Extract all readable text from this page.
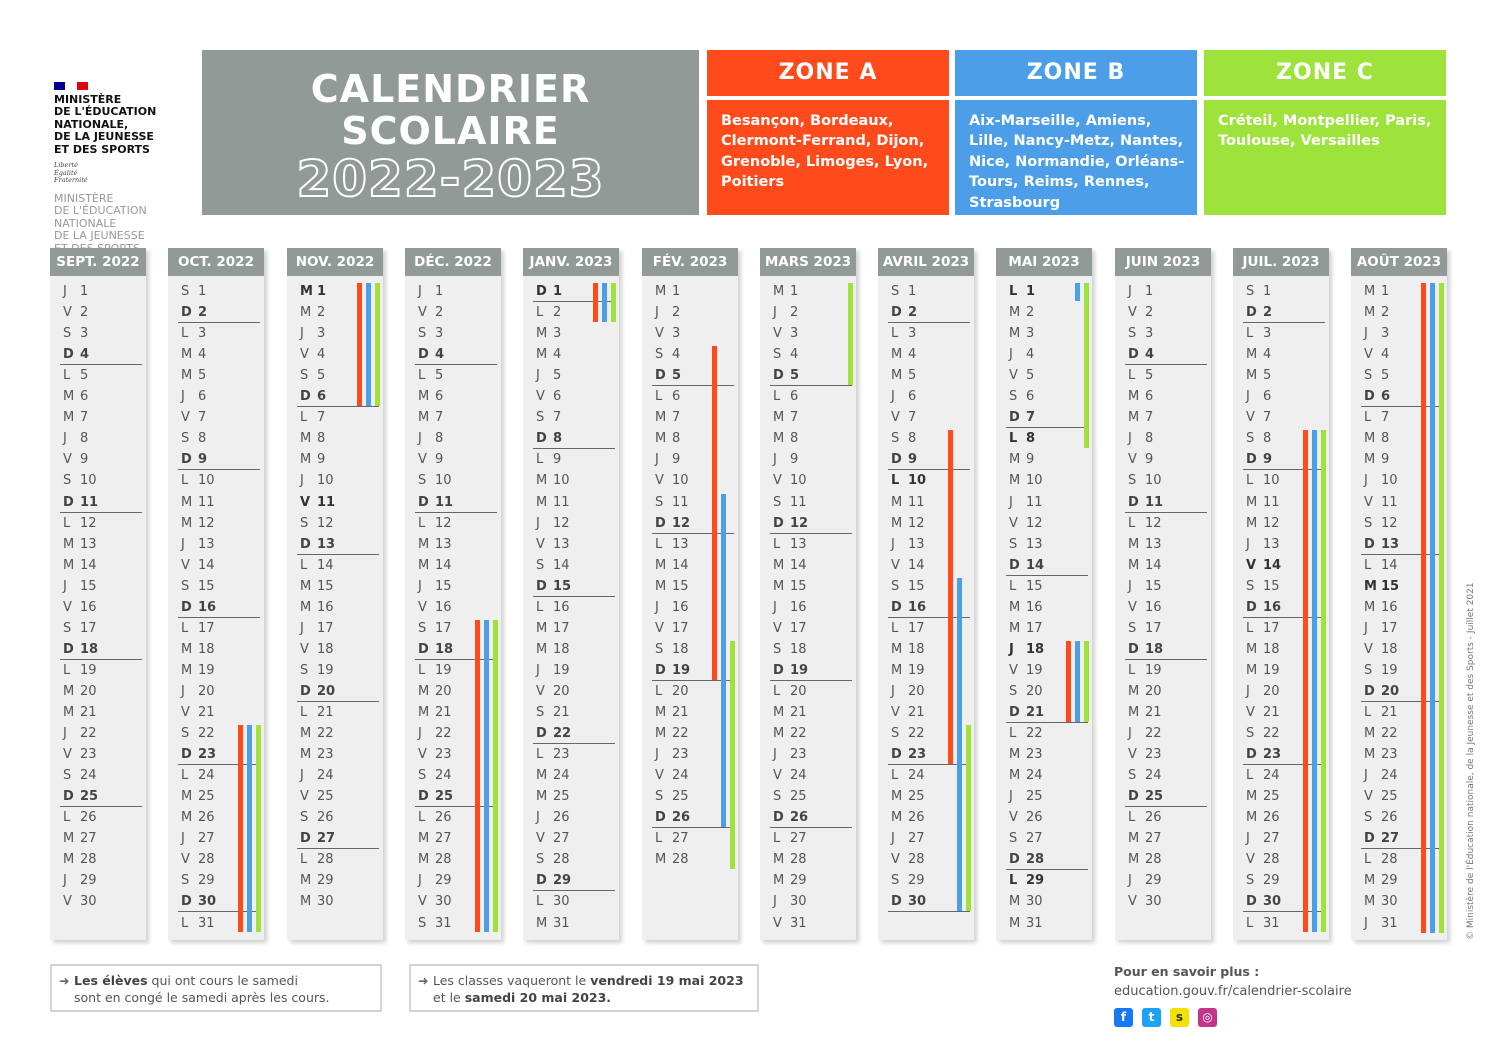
MINISTÈRE
DE L'ÉDUCATION
NATIONALE,
DE LA JEUNESSE
ET DES SPORTS
Liberté
Égalité
Fraternité
MINISTÈRE
DE L'ÉDUCATION
NATIONALE
DE LA JEUNESSE
CALENDRIER
SCOLAIRE
2022-2023
ZONE A	ZONE B	ZONE C
Besançon, Bordeaux, Clermont-Ferrand, Dijon, Grenoble, Limoges, Lyon, Poitiers
Aix-Marseille, Amiens, Lille, Nancy-Metz, Nantes, Nice, Normandie, Orléans-Tours, Reims, Rennes, Strasbourg
Créteil, Montpellier, Paris, Toulouse, Versailles
SEPT. 2022
J	1
V 2
S 3
D 4
L 5
M 6
M 7
J	8
V 9
S 10
D 11
L 12
M 13
M 14
J	15
V 16
S 17
D 18
L 19
M 20
M 21
J	22
V 23
S 24
D 25
L 26
M 27
M 28
J	29
V 30
OCT. 2022
S 1
D 2
L 3
M 4
M 5
J	6
V 7
S 8
D 9
L 10
M 11
M 12
J	13
V 14
S 15
D 16
L 17
M 18
M 19
J	20
V 21
S 22
D 23
L 24
M 25
M 26
J	27
V 28
S 29
D 30
L 31
NOV. 2022
M 1
M 2
J	3
V 4
S 5
D 6
L 7
M 8
M 9
J	10
V 11
S 12
D 13
L 14
M 15
M 16
J	17
V 18
S 19
D 20
L 21
M 22
M 23
J	24
V 25
S 26
D 27
L 28
M 29
M 30
DÉC. 2022
J	1
V 2
S 3
D 4
L 5
M 6
M 7
J	8
V 9
S 10
D 11
L 12
M 13
M 14
J	15
V 16
S 17
D 18
L 19
M 20
M 21
J	22
V 23
S 24
D 25
L 26
M 27
M 28
J	29
V 30
S 31
JANV. 2023
D 1
L 2
M 3
M 4
J	5
V 6
S 7
D 8
L 9
M 10
M 11
J	12
V 13
S 14
D 15
L 16
M 17
M 18
J	19
V 20
S 21
D 22
L 23
M 24
M 25
J	26
V 27
S 28
D 29
L 30
M 31
FÉV. 2023
M 1
J	2
V 3
S 4
D 5
L 6
M 7
M 8
J	9
V 10
S 11
D 12
L 13
M 14
M 15
J	16
V 17
S 18
D 19
L 20
M 21
M 22
J	23
V 24
S 25
D 26
L 27
M 28
MARS 2023
M 1
J	2
V 3
S 4
D 5
L 6
M 7
M 8
J	9
V 10
S 11
D 12
L 13
M 14
M 15
J	16
V 17
S 18
D 19
L 20
M 21
M 22
J	23
V 24
S 25
D 26
L 27
M 28
M 29
J	30
V 31
AVRIL 2023
S 1
D 2
L 3
M 4
M 5
J	6
V 7
S 8
D 9
L 10
M 11
M 12
J	13
V 14
S 15
D 16
L 17
M 18
M 19
J	20
V 21
S 22
D 23
L 24
M 25
M 26
J	27
V 28
S 29
D 30
MAI 2023
L 1
M 2
M 3
J	4
V 5
S 6
D 7
L 8
M 9
M 10
J	11
V 12
S 13
D 14
L 15
M 16
M 17
J 18
V 19
S 20
D 21
L 22
M 23
M 24
J	25
V 26
S 27
D 28
L 29
M 30
M 31
JUIN 2023
J	1
V 2
S 3
D 4
L 5
M 6
M 7
J	8
V 9
S 10
D 11
L 12
M 13
M 14
J	15
V 16
S 17
D 18
L 19
M 20
M 21
J	22
V 23
S 24
D 25
L 26
M 27
M 28
J	29
V 30
JUIL. 2023
S 1
D 2
L 3
M 4
M 5
J	6
V 7
S 8
D 9
L 10
M 11
M 12
J	13
V 14
S 15
D 16
L 17
M 18
M 19
J	20
V 21
S 22
D 23
L 24
M 25
M 26
J	27
V 28
S 29
D 30
L 31
AOÛT 2023
M 1
M 2
J	3
V 4
S 5
D 6
L 7
M 8
M 9
J	10
V 11
S 12
D 13
L 14
M 15
M 16
J	17
V 18
S 19
D 20
L 21
M 22
M 23
J	24
V 25
S 26
D 27
L 28
M 29
M 30
J	31
➜ Les élèves qui ont cours le samedi
sont en congé le samedi après les cours.
➜ Les classes vaqueront le vendredi 19 mai 2023
et le samedi 20 mai 2023.
Pour en savoir plus :
education.gouv.fr/calendrier-scolaire
f	t	s	◎
© Ministère de l'Éducation nationale, de la Jeunesse et des Sports - Juillet 2021
